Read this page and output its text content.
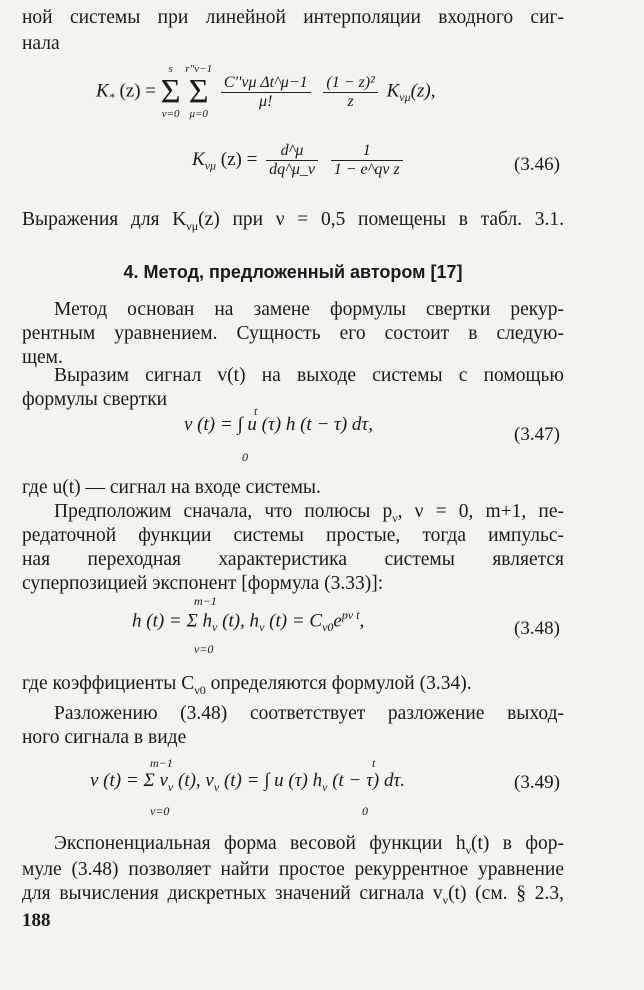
ной системы при линейной интерполяции входного сиг-
нала
$K_*$ (z) =
s
Σ
ν=0

r''ν−1
Σ
μ=0

$\frac{\text{C''νμ Δt\textasciicircum{}μ−1}}{\mu!}$
$\frac{\text{(1 − z)²}}{z} K_{\nu\mu}(z)$,
$K_{\nu\mu}$ $(z) = \frac{d\^{}\mu}{dq\^{}\mu\_\nu}$
$\frac{1}{\text{1 − e\textasciicircum{}qν z}}$	(3.46)
Выражения для $K_{\nu\mu}(z)$ при ν = 0,5 помещены в табл. 3.1.
4. Метод, предложенный автором [17]
Метод основан на замене формулы свертки рекур-
рентным уравнением. Сущность его состоит в следую-
щем.
Выразим сигнал v(t) на выходе системы с помощью
формулы свертки
v (t) = ∫ u (τ) h (t − τ) dτ,
t
0
(3.47)
где u(t) — сигнал на входе системы.
Предположим сначала, что полюсы $p_\nu$, ν = 0, m+1, пе-
редаточной функции системы простые, тогда импульс-
ная переходная характеристика системы является
суперпозицией экспонент [формула (3.33)]:
h (t) = Σ $h_\nu$ (t), $h_\nu$ $(t) = C_{\nu 0}e^{p\nu t}$,
m−1
ν=0
(3.48)
где коэффициенты $C_{\nu 0}$ определяются формулой (3.34).
Разложению (3.48) соответствует разложение выход-
ного сигнала в виде
v (t) = Σ $v_\nu$ (t), $v_\nu$ (t) = ∫ u (τ) $h_\nu$ (t − τ) dτ.
m−1
ν=0
t
0
(3.49)
Экспоненциальная форма весовой функции $h_\nu(t)$ в фор-
муле (3.48) позволяет найти простое рекуррентное уравнение
для вычисления дискретных значений сигнала $v_\nu(t)$ (см. § 2.3,
188
